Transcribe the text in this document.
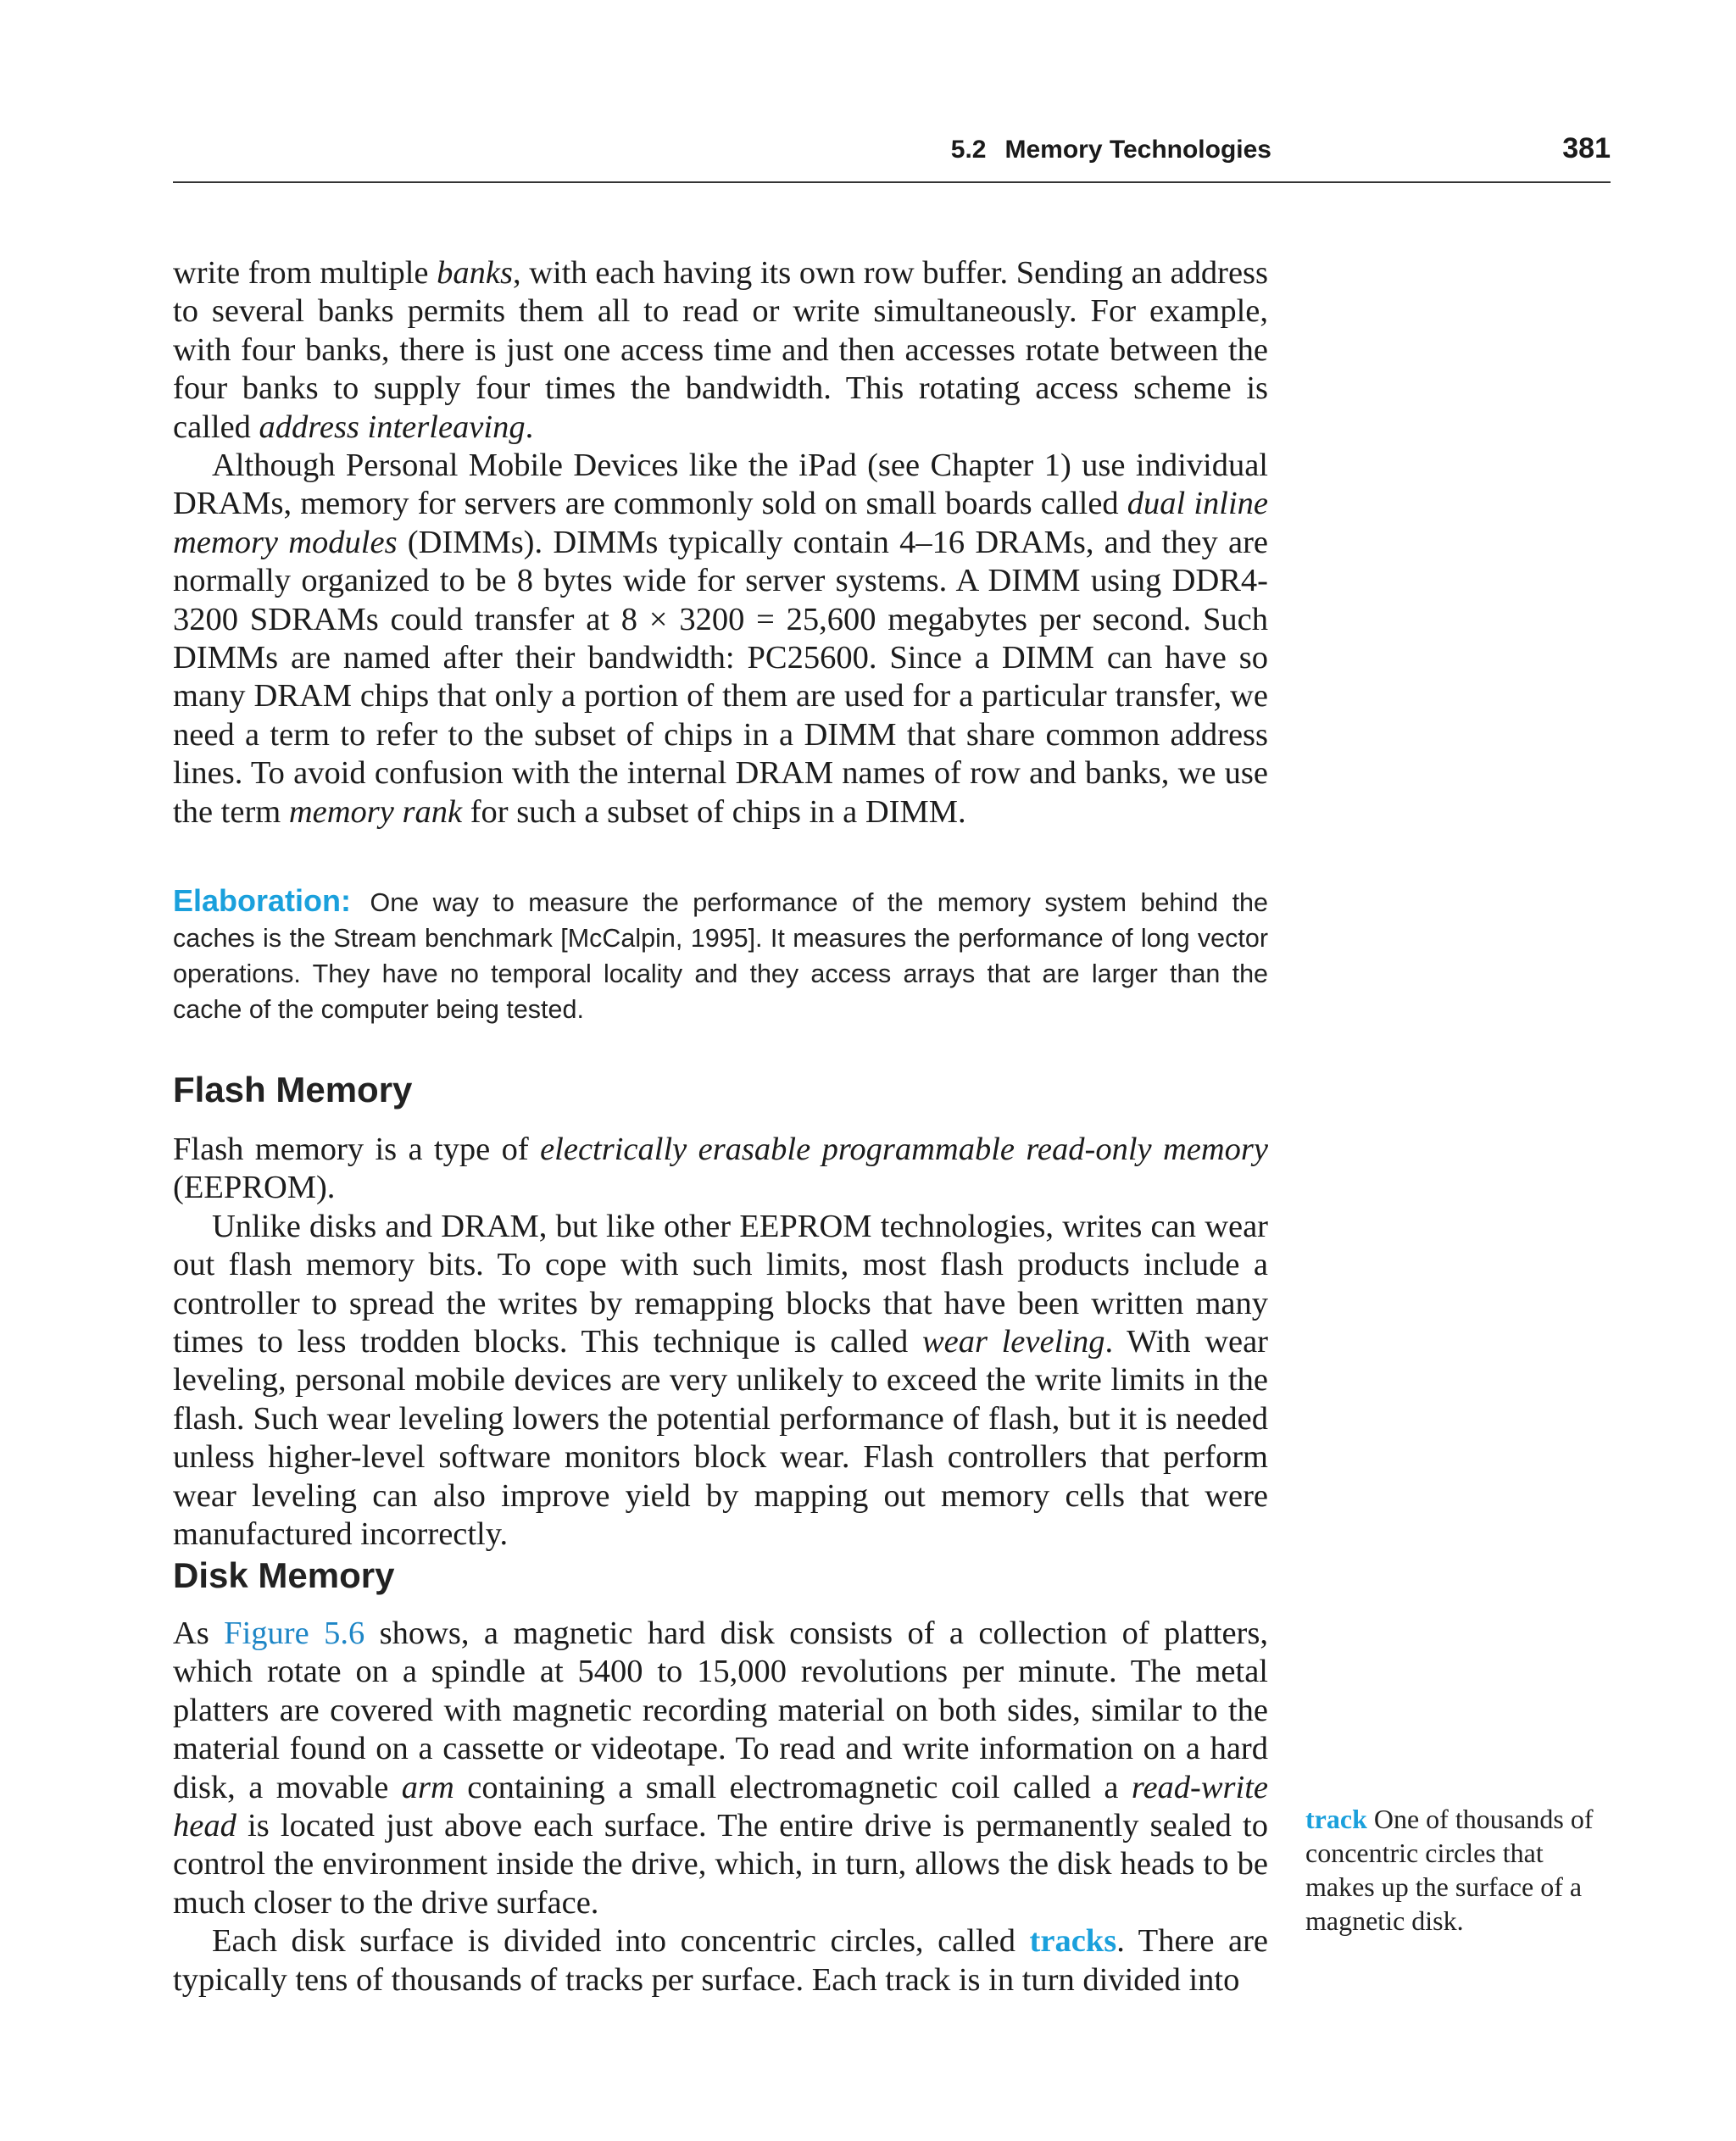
5.2 Memory Technologies	381

write from multiple banks, with each having its own row buffer. Sending an address to several banks permits them all to read or write simultaneously. For example, with four banks, there is just one access time and then accesses rotate between the four banks to supply four times the bandwidth. This rotating access scheme is called address interleaving.

Although Personal Mobile Devices like the iPad (see Chapter 1) use individual DRAMs, memory for servers are commonly sold on small boards called dual inline memory modules (DIMMs). DIMMs typically contain 4–16 DRAMs, and they are normally organized to be 8 bytes wide for server systems. A DIMM using DDR4-3200 SDRAMs could transfer at 8 × 3200 = 25,600 megabytes per second. Such DIMMs are named after their bandwidth: PC25600. Since a DIMM can have so many DRAM chips that only a portion of them are used for a particular transfer, we need a term to refer to the subset of chips in a DIMM that share common address lines. To avoid confusion with the internal DRAM names of row and banks, we use the term memory rank for such a subset of chips in a DIMM.

Elaboration: One way to measure the performance of the memory system behind the caches is the Stream benchmark [McCalpin, 1995]. It measures the performance of long vector operations. They have no temporal locality and they access arrays that are larger than the cache of the computer being tested.

Flash Memory

Flash memory is a type of electrically erasable programmable read-only memory (EEPROM).

Unlike disks and DRAM, but like other EEPROM technologies, writes can wear out flash memory bits. To cope with such limits, most flash products include a controller to spread the writes by remapping blocks that have been written many times to less trodden blocks. This technique is called wear leveling. With wear leveling, personal mobile devices are very unlikely to exceed the write limits in the flash. Such wear leveling lowers the potential performance of flash, but it is needed unless higher-level software monitors block wear. Flash controllers that perform wear leveling can also improve yield by mapping out memory cells that were manufactured incorrectly.

Disk Memory

As Figure 5.6 shows, a magnetic hard disk consists of a collection of platters, which rotate on a spindle at 5400 to 15,000 revolutions per minute. The metal platters are covered with magnetic recording material on both sides, similar to the material found on a cassette or videotape. To read and write information on a hard disk, a movable arm containing a small electromagnetic coil called a read-write head is located just above each surface. The entire drive is permanently sealed to control the environment inside the drive, which, in turn, allows the disk heads to be much closer to the drive surface.

Each disk surface is divided into concentric circles, called tracks. There are typically tens of thousands of tracks per surface. Each track is in turn divided into

track One of thousands of concentric circles that makes up the surface of a magnetic disk.
